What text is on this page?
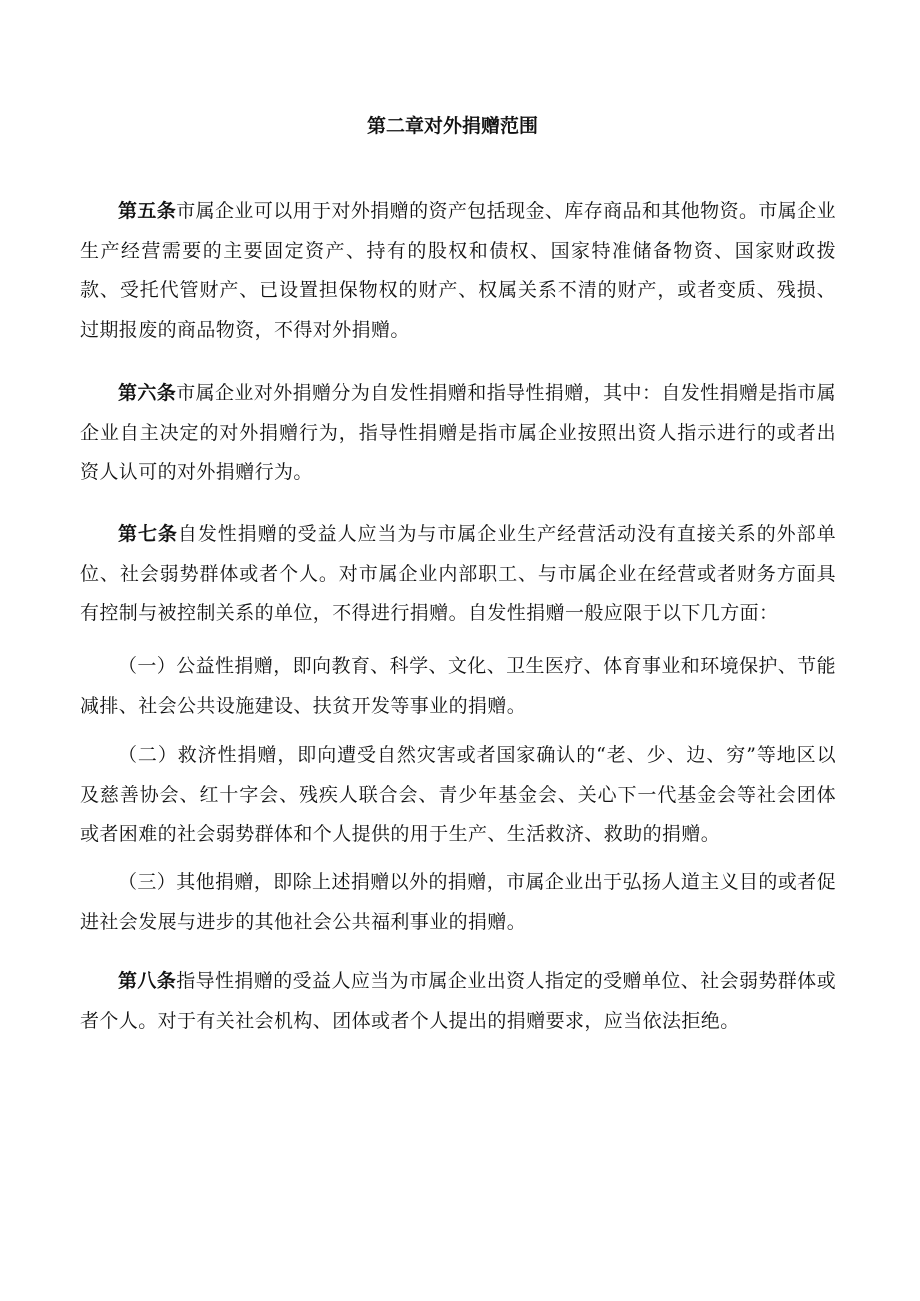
第二章对外捐赠范围

第五条市属企业可以用于对外捐赠的资产包括现金、库存商品和其他物资。市属企业生产经营需要的主要固定资产、持有的股权和债权、国家特准储备物资、国家财政拨款、受托代管财产、已设置担保物权的财产、权属关系不清的财产，或者变质、残损、过期报废的商品物资，不得对外捐赠。

第六条市属企业对外捐赠分为自发性捐赠和指导性捐赠，其中：自发性捐赠是指市属企业自主决定的对外捐赠行为，指导性捐赠是指市属企业按照出资人指示进行的或者出资人认可的对外捐赠行为。

第七条自发性捐赠的受益人应当为与市属企业生产经营活动没有直接关系的外部单位、社会弱势群体或者个人。对市属企业内部职工、与市属企业在经营或者财务方面具有控制与被控制关系的单位，不得进行捐赠。自发性捐赠一般应限于以下几方面：

（一）公益性捐赠，即向教育、科学、文化、卫生医疗、体育事业和环境保护、节能减排、社会公共设施建设、扶贫开发等事业的捐赠。

（二）救济性捐赠，即向遭受自然灾害或者国家确认的“老、少、边、穷”等地区以及慈善协会、红十字会、残疾人联合会、青少年基金会、关心下一代基金会等社会团体或者困难的社会弱势群体和个人提供的用于生产、生活救济、救助的捐赠。

（三）其他捐赠，即除上述捐赠以外的捐赠，市属企业出于弘扬人道主义目的或者促进社会发展与进步的其他社会公共福利事业的捐赠。

第八条指导性捐赠的受益人应当为市属企业出资人指定的受赠单位、社会弱势群体或者个人。对于有关社会机构、团体或者个人提出的捐赠要求，应当依法拒绝。
